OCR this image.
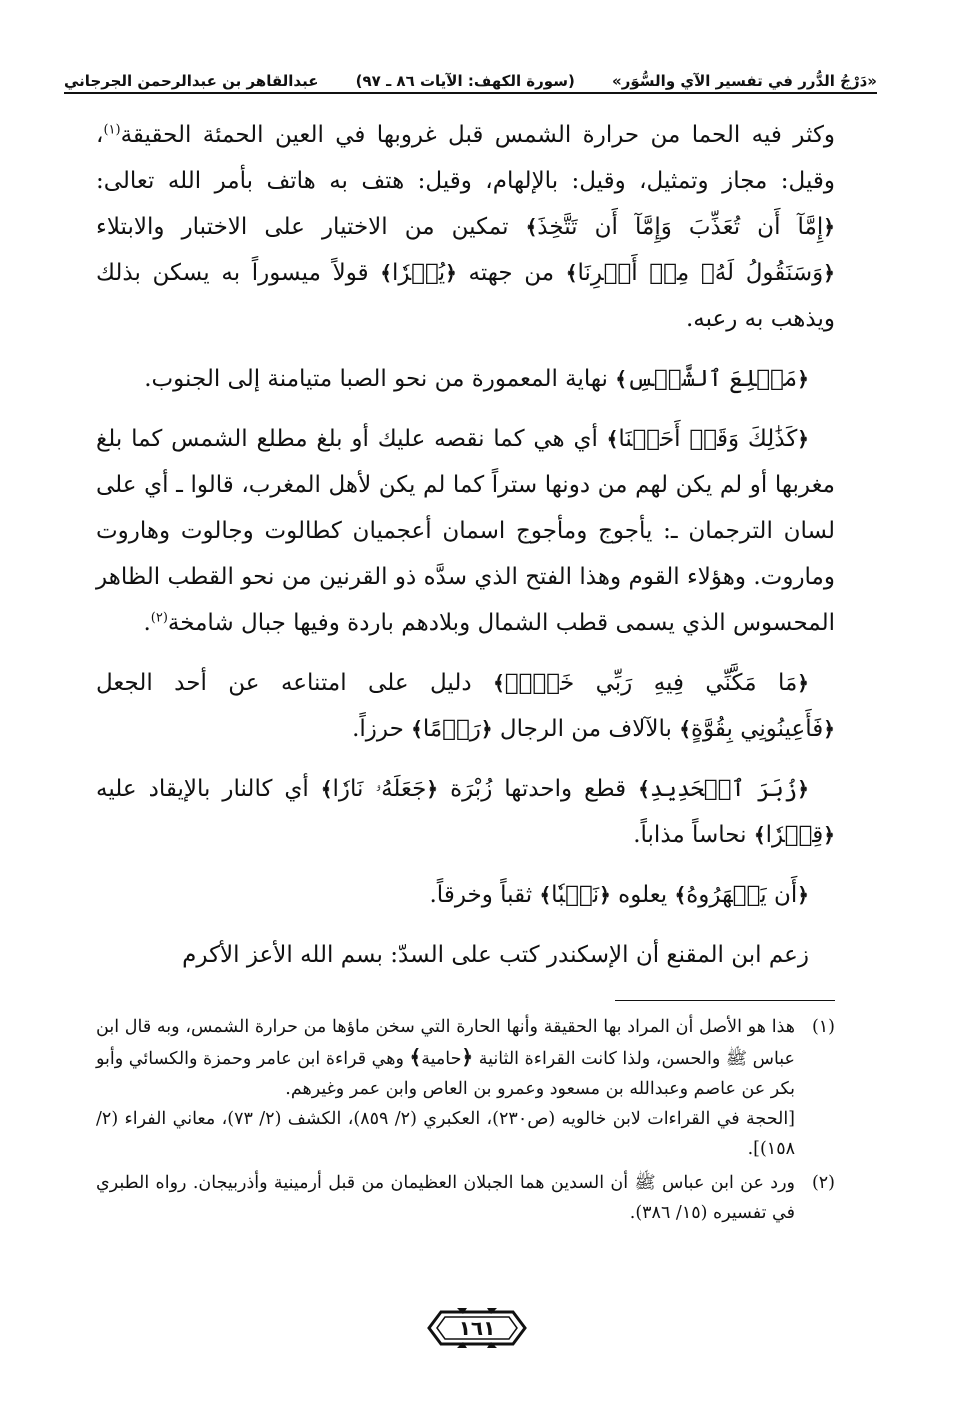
«دَرْجُ الدُّرر في تفسير الآي والسُّوَر»
(سورة الكهف: الآيات ٨٦ ـ ٩٧)
عبدالقاهر بن عبدالرحمن الجرجاني

وكثر فيه الحما من حرارة الشمس قبل غروبها في العين الحمئة الحقيقة$^{(١)}$، وقيل: مجاز وتمثيل، وقيل: بالإلهام، وقيل: هتف به هاتف بأمر الله تعالى: ﴿إِمَّآ أَن تُعَذِّبَ وَإِمَّآ أَن تَتَّخِذَ﴾ تمكين من الاختيار على الاختبار والابتلاء ﴿وَسَنَقُولُ لَهُۥ مِنۡ أَمۡرِنَا﴾ من جهته ﴿يُسۡرٗا﴾ قولاً ميسوراً به يسكن بذلك ويذهب به رعبه.

﴿مَطۡلِعَ ٱلشَّمۡسِ﴾ نهاية المعمورة من نحو الصبا متيامنة إلى الجنوب.

﴿كَذَٰلِكَ وَقَدۡ أَحَطۡنَا﴾ أي هي كما نقصه عليك أو بلغ مطلع الشمس كما بلغ مغربها أو لم يكن لهم من دونها ستراً كما لم يكن لأهل المغرب، قالوا ـ أي على لسان الترجمان ـ: يأجوج ومأجوج اسمان أعجميان كطالوت وجالوت وهاروت وماروت. وهؤلاء القوم وهذا الفتح الذي سدَّه ذو القرنين من نحو القطب الظاهر المحسوس الذي يسمى قطب الشمال وبلادهم باردة وفيها جبال شامخة$^{(٢)}$.

﴿مَا مَكَّنِّي فِيهِ رَبِّي خَيۡرٞ﴾ دليل على امتناعه عن أحد الجعل ﴿فَأَعِينُونِي بِقُوَّةٍ﴾ بالآلاف من الرجال ﴿رَدۡمًا﴾ حرزاً.

﴿زُبَرَ ٱلۡحَدِيدِ﴾ قطع واحدتها زُبْرَة ﴿جَعَلَهُۥ نَارٗا﴾ أي كالنار بالإيقاد عليه ﴿قِطۡرٗا﴾ نحاساً مذاباً.

﴿أَن يَظۡهَرُوهُ﴾ يعلوه ﴿نَقۡبٗا﴾ ثقباً وخرقاً.

زعم ابن المقنع أن الإسكندر كتب على السدّ: بسم الله الأعز الأكرم

(١)

هذا هو الأصل أن المراد بها الحقيقة وأنها الحارة التي سخن ماؤها من حرارة الشمس، وبه قال ابن عباس ﷺ والحسن، ولذا كانت القراءة الثانية ﴿حامية﴾ وهي قراءة ابن عامر وحمزة والكسائي وأبو بكر عن عاصم وعبدالله بن مسعود وعمرو بن العاص وابن عمر وغيرهم.

[الحجة في القراءات لابن خالويه (ص٢٣٠)، العكبري (٢/ ٨٥٩)، الكشف (٢/ ٧٣)، معاني الفراء (٢/ ١٥٨)].

(٢)

ورد عن ابن عباس ﷺ أن السدين هما الجبلان العظيمان من قبل أرمينية وأذربيجان. رواه الطبري في تفسيره (١٥/ ٣٨٦).

١٦١
